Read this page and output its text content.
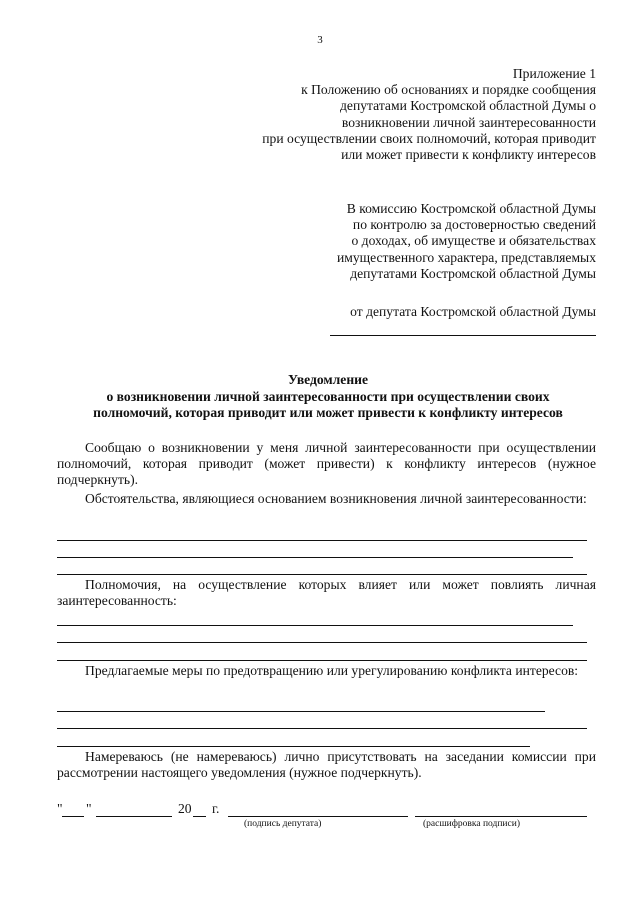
3
Приложение 1
к Положению об основаниях и порядке сообщения
депутатами Костромской областной Думы о
возникновении личной заинтересованности
при осуществлении своих полномочий, которая приводит
или может привести к конфликту интересов
В комиссию Костромской областной Думы
по контролю за достоверностью сведений
о доходах, об имуществе и обязательствах
имущественного характера, представляемых
депутатами Костромской областной Думы
от депутата Костромской областной Думы
Уведомление
о возникновении личной заинтересованности при осуществлении своих
полномочий, которая приводит или может привести к конфликту интересов
Сообщаю о возникновении у меня личной заинтересованности при осуществлении полномочий, которая приводит (может привести) к конфликту интересов (нужное подчеркнуть).
Обстоятельства, являющиеся основанием возникновения личной заинтересованности:
Полномочия, на осуществление которых влияет или может повлиять личная заинтересованность:
Предлагаемые меры по предотвращению или урегулированию конфликта интересов:
Намереваюсь (не намереваюсь) лично присутствовать на заседании комиссии при рассмотрении настоящего уведомления (нужное подчеркнуть).
" "	20 г.
(подпись депутата)	(расшифровка подписи)
